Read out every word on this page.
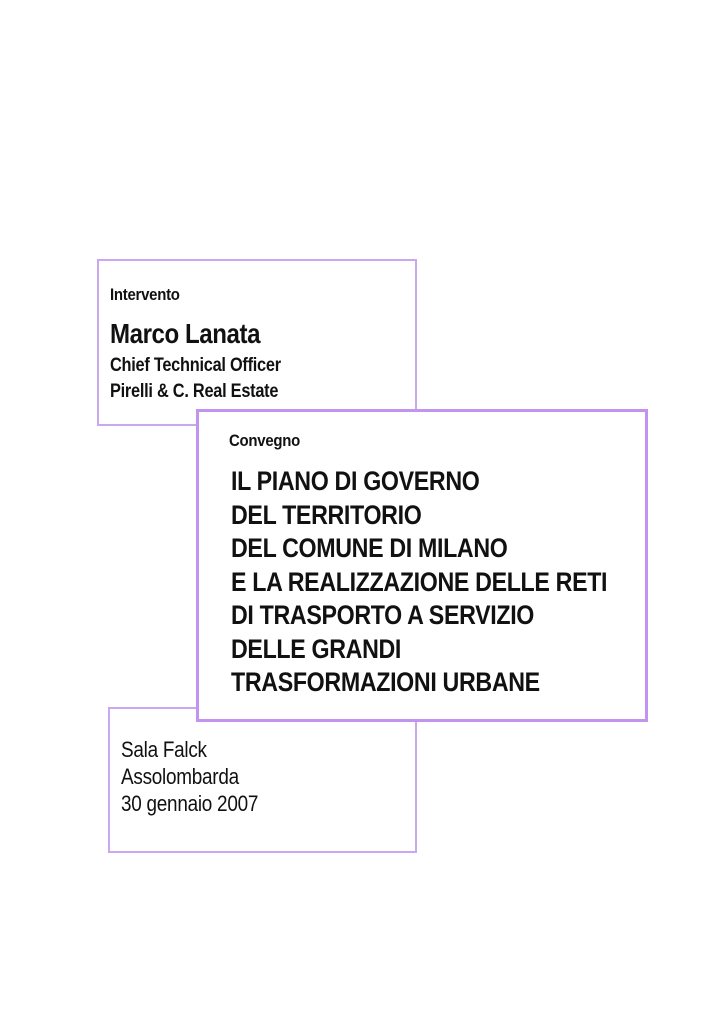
Intervento
Marco Lanata
Chief Technical Officer
Pirelli & C. Real Estate
Sala Falck
Assolombarda
30 gennaio 2007
Convegno
IL PIANO DI GOVERNO
DEL TERRITORIO
DEL COMUNE DI MILANO
E LA REALIZZAZIONE DELLE RETI
DI TRASPORTO A SERVIZIO
DELLE GRANDI
TRASFORMAZIONI URBANE
